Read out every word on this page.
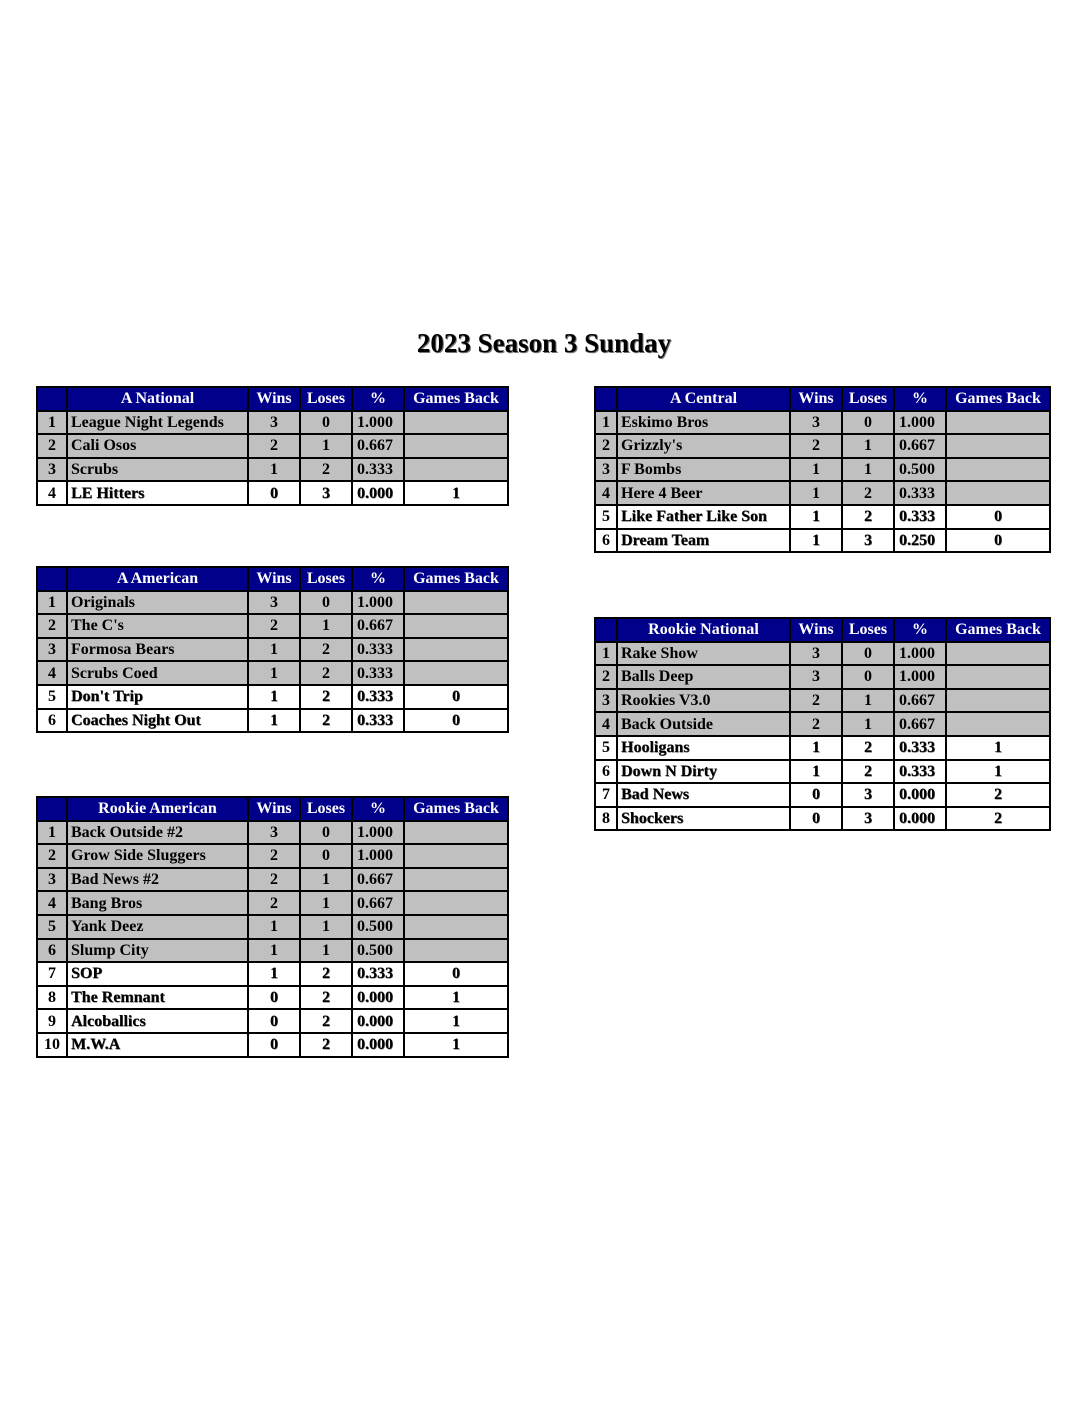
2023 Season 3 Sunday
	A National	Wins	Loses	%	Games Back
1	League Night Legends	3	0	1.000	
2	Cali Osos	2	1	0.667	
3	Scrubs	1	2	0.333	
4	LE Hitters	0	3	0.000	1
	A Central	Wins	Loses	%	Games Back
1	Eskimo Bros	3	0	1.000	
2	Grizzly's	2	1	0.667	
3	F Bombs	1	1	0.500	
4	Here 4 Beer	1	2	0.333	
5	Like Father Like Son	1	2	0.333	0
6	Dream Team	1	3	0.250	0
	A American	Wins	Loses	%	Games Back
1	Originals	3	0	1.000	
2	The C's	2	1	0.667	
3	Formosa Bears	1	2	0.333	
4	Scrubs Coed	1	2	0.333	
5	Don't Trip	1	2	0.333	0
6	Coaches Night Out	1	2	0.333	0
	Rookie National	Wins	Loses	%	Games Back
1	Rake Show	3	0	1.000	
2	Balls Deep	3	0	1.000	
3	Rookies V3.0	2	1	0.667	
4	Back Outside	2	1	0.667	
5	Hooligans	1	2	0.333	1
6	Down N Dirty	1	2	0.333	1
7	Bad News	0	3	0.000	2
8	Shockers	0	3	0.000	2
	Rookie American	Wins	Loses	%	Games Back
1	Back Outside #2	3	0	1.000	
2	Grow Side Sluggers	2	0	1.000	
3	Bad News #2	2	1	0.667	
4	Bang Bros	2	1	0.667	
5	Yank Deez	1	1	0.500	
6	Slump City	1	1	0.500	
7	SOP	1	2	0.333	0
8	The Remnant	0	2	0.000	1
9	Alcoballics	0	2	0.000	1
10	M.W.A	0	2	0.000	1
